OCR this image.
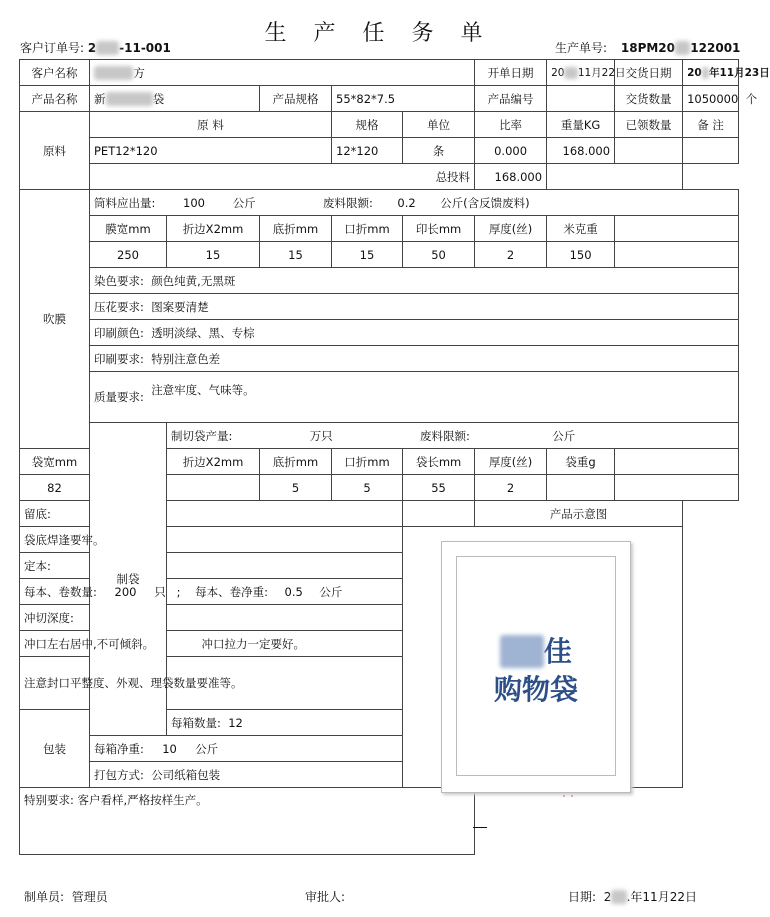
生 产 任 务 单
客户订单号: 2 -11-001	生产单号: 18PM20 122001
客户名称	方					开单日期	20 11月22日	交货日期	20 年11月23日
产品名称	新 袋		产品规格	55*82*7.5		产品编号		交货数量	1050000 个
原料	原 料			规格	单位	比率	重量KG	已领数量	备 注
	PET12*120			12*120	条	0.000	168.000		
	总投料					168.000			
吹膜	筒料应出量: 100 公斤 废料限额: 0.2 公斤(含反馈废料)								
	膜宽mm	折边X2mm	底折mm	口折mm	印长mm	厚度(丝)	米克重		
	250	15	15	15	50	2	150		
	染色要求: 颜色纯黄,无黑斑								
	压花要求: 图案要清楚								
	印刷颜色: 透明淡绿、黑、专棕								
	印刷要求: 特别注意色差								
	质量要求: 注意牢度、气味等。								
	制袋	制切袋产量: 万只 废料限额: 公斤							
袋宽mm		折边X2mm	底折mm	口折mm	袋长mm	厚度(丝)	袋重g		
82			5	5	55	2			
留底:						产品示意图			
袋底焊逢要牢。					佳
购物袋				

定本:									
每本、卷数量: 200 只 ; 每本、卷净重: 0.5 公斤									
冲切深度:									
冲口左右居中,不可倾斜。 冲口拉力一定要好。									
注意封口平整度、外观、理袋数量要准等。									
包装		每箱数量: 12							
	每箱净重: 10 公斤								
	打包方式: 公司纸箱包装								
特别要求: 客户看样,严格按样生产。									
制单员: 管理员	审批人:	日期: 2 .年11月22日
